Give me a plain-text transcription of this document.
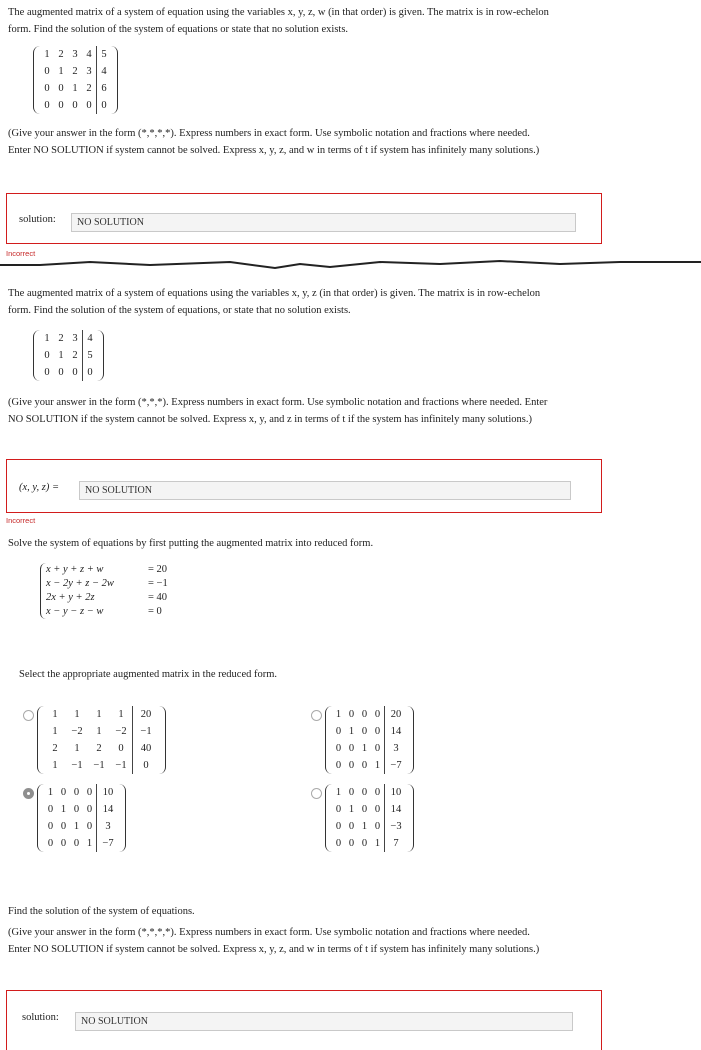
The augmented matrix of a system of equation using the variables x, y, z, w (in that order) is given. The matrix is in row-echelon
form. Find the solution of the system of equations or state that no solution exists.

1	2	3	4	5
0	1	2	3	4
0	0	1	2	6
0	0	0	0	0

(Give your answer in the form (*,*,*,*). Express numbers in exact form. Use symbolic notation and fractions where needed.
Enter NO SOLUTION if system cannot be solved. Express x, y, z, and w in terms of t if system has infinitely many solutions.)

solution:	NO SOLUTION
Incorrect

The augmented matrix of a system of equations using the variables x, y, z (in that order) is given. The matrix is in row-echelon
form. Find the solution of the system of equations, or state that no solution exists.

1	2	3	4
0	1	2	5
0	0	0	0

(Give your answer in the form (*,*,*). Express numbers in exact form. Use symbolic notation and fractions where needed. Enter
NO SOLUTION if the system cannot be solved. Express x, y, and z in terms of t if the system has infinitely many solutions.)

(x, y, z) =	NO SOLUTION
Incorrect

Solve the system of equations by first putting the augmented matrix into reduced form.

x + y + z + w	= 20
x − 2y + z − 2w	= −1
2x + y + 2z	= 40
x − y − z − w	= 0

Select the appropriate augmented matrix in the reduced form.

1	1	1	1	20
1	−2	1	−2	−1
2	1	2	0	40
1	−1	−1	−1	0
1	0	0	0	20
0	1	0	0	14
0	0	1	0	3
0	0	0	1	−7
1	0	0	0	10
0	1	0	0	14
0	0	1	0	3
0	0	0	1	−7
1	0	0	0	10
0	1	0	0	14
0	0	1	0	−3
0	0	0	1	7

Find the solution of the system of equations.

(Give your answer in the form (*,*,*,*). Express numbers in exact form. Use symbolic notation and fractions where needed.
Enter NO SOLUTION if system cannot be solved. Express x, y, z, and w in terms of t if system has infinitely many solutions.)

solution:	NO SOLUTION
